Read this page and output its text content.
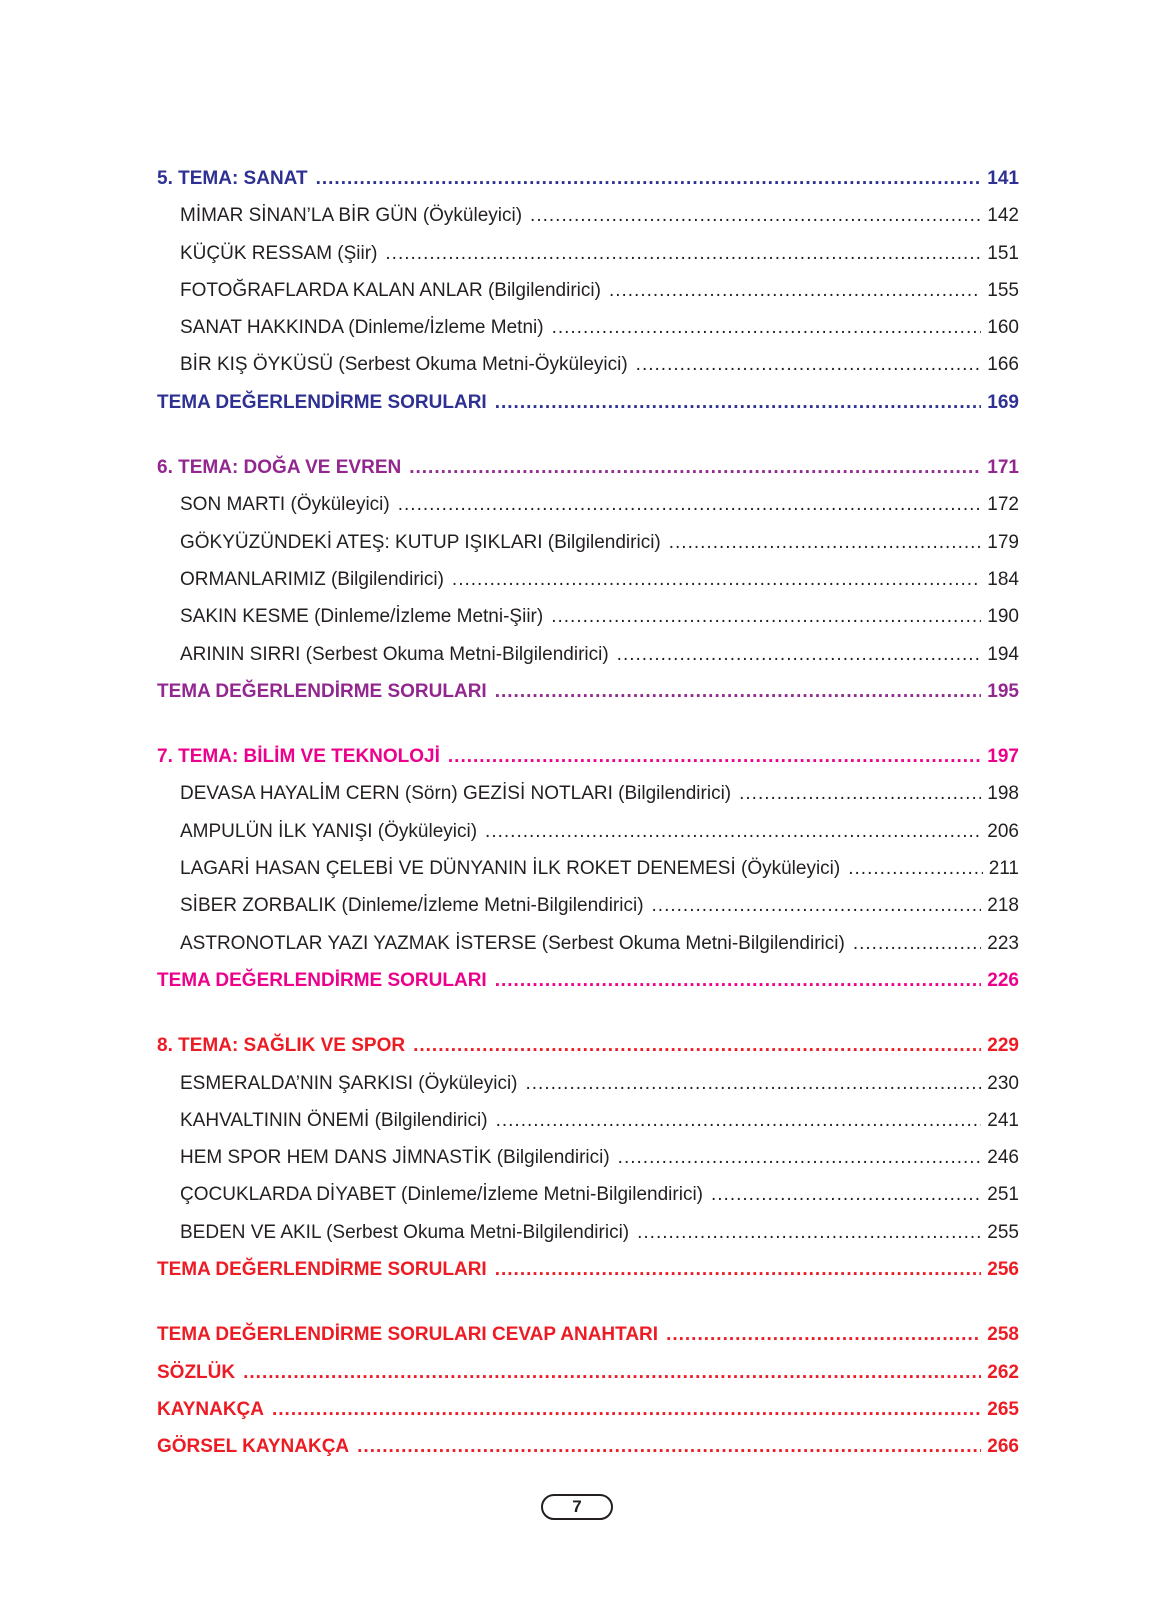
5. TEMA: SANAT .....	141
MİMAR SİNAN’LA BİR GÜN (Öyküleyici) .....	142
KÜÇÜK RESSAM (Şiir) .....	151
FOTOĞRAFLARDA KALAN ANLAR (Bilgilendirici) .....	155
SANAT HAKKINDA (Dinleme/İzleme Metni) .....	160
BİR KIŞ ÖYKÜSÜ (Serbest Okuma Metni-Öyküleyici) .....	166
TEMA DEĞERLENDİRME SORULARI .....	169
6. TEMA: DOĞA VE EVREN .....	171
SON MARTI (Öyküleyici) .....	172
GÖKYÜZÜNDEKİ ATEŞ: KUTUP IŞIKLARI (Bilgilendirici) .....	179
ORMANLARIMIZ (Bilgilendirici) .....	184
SAKIN KESME (Dinleme/İzleme Metni-Şiir) .....	190
ARININ SIRRI (Serbest Okuma Metni-Bilgilendirici) .....	194
TEMA DEĞERLENDİRME SORULARI .....	195
7. TEMA: BİLİM VE TEKNOLOJİ .....	197
DEVASA HAYALİM CERN (Sörn) GEZİSİ NOTLARI (Bilgilendirici) .....	198
AMPULÜN İLK YANIŞI (Öyküleyici) .....	206
LAGARİ HASAN ÇELEBİ VE DÜNYANIN İLK ROKET DENEMESİ (Öyküleyici) .....	211
SİBER ZORBALIK (Dinleme/İzleme Metni-Bilgilendirici) .....	218
ASTRONOTLAR YAZI YAZMAK İSTERSE (Serbest Okuma Metni-Bilgilendirici) .....	223
TEMA DEĞERLENDİRME SORULARI .....	226
8. TEMA: SAĞLIK VE SPOR .....	229
ESMERALDA’NIN ŞARKISI (Öyküleyici) .....	230
KAHVALTININ ÖNEMİ (Bilgilendirici) .....	241
HEM SPOR HEM DANS JİMNASTİK (Bilgilendirici) .....	246
ÇOCUKLARDA DİYABET (Dinleme/İzleme Metni-Bilgilendirici) .....	251
BEDEN VE AKIL (Serbest Okuma Metni-Bilgilendirici) .....	255
TEMA DEĞERLENDİRME SORULARI .....	256
TEMA DEĞERLENDİRME SORULARI CEVAP ANAHTARI .....	258
SÖZLÜK .....	262
KAYNAKÇA .....	265
GÖRSEL KAYNAKÇA .....	266
7
